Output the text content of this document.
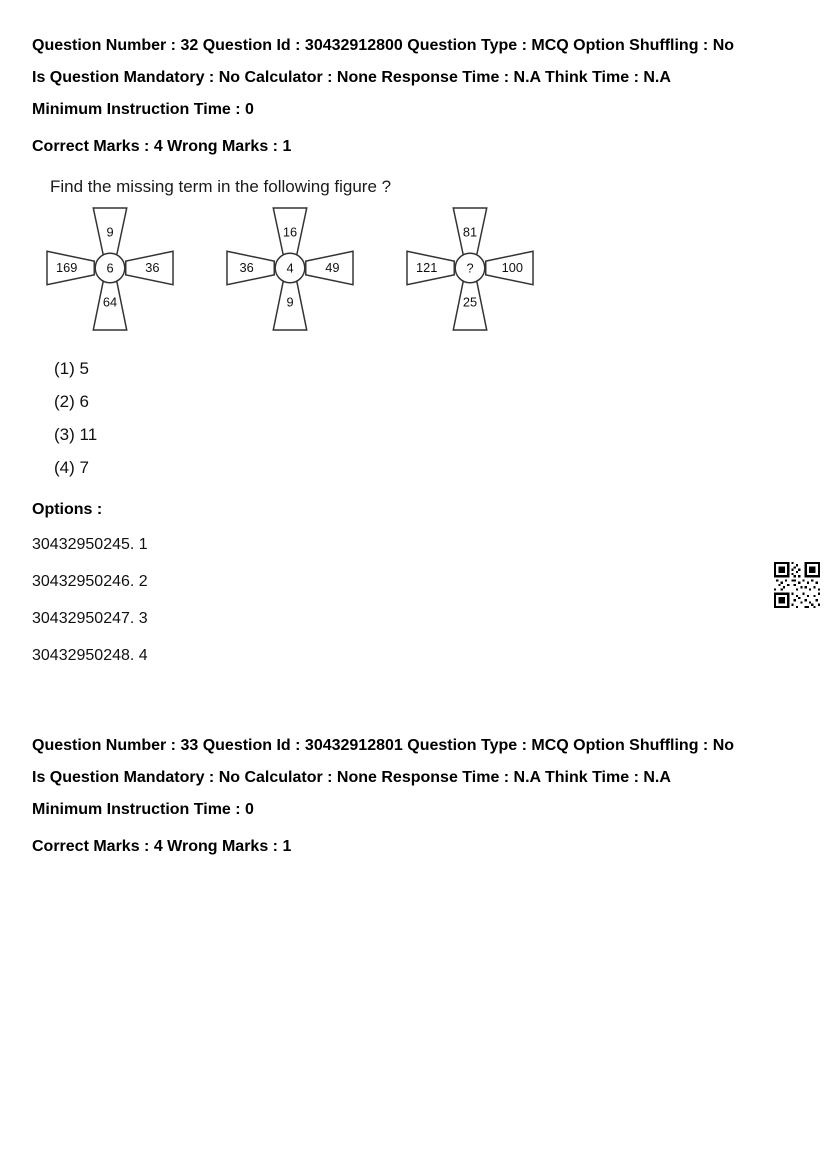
Question Number : 32 Question Id : 30432912800 Question Type : MCQ Option Shuffling : No

Is Question Mandatory : No Calculator : None Response Time : N.A Think Time : N.A

Minimum Instruction Time : 0

Correct Marks : 4 Wrong Marks : 1

Find the missing term in the following figure ?
9
169 6 36
64
16
36	4 49
9
81
121 ? 100
25
(1) 5
(2) 6
(3) 11
(4) 7
Options :
30432950245. 1
30432950246. 2
30432950247. 3
30432950248. 4

Question Number : 33 Question Id : 30432912801 Question Type : MCQ Option Shuffling : No

Is Question Mandatory : No Calculator : None Response Time : N.A Think Time : N.A

Minimum Instruction Time : 0

Correct Marks : 4 Wrong Marks : 1
